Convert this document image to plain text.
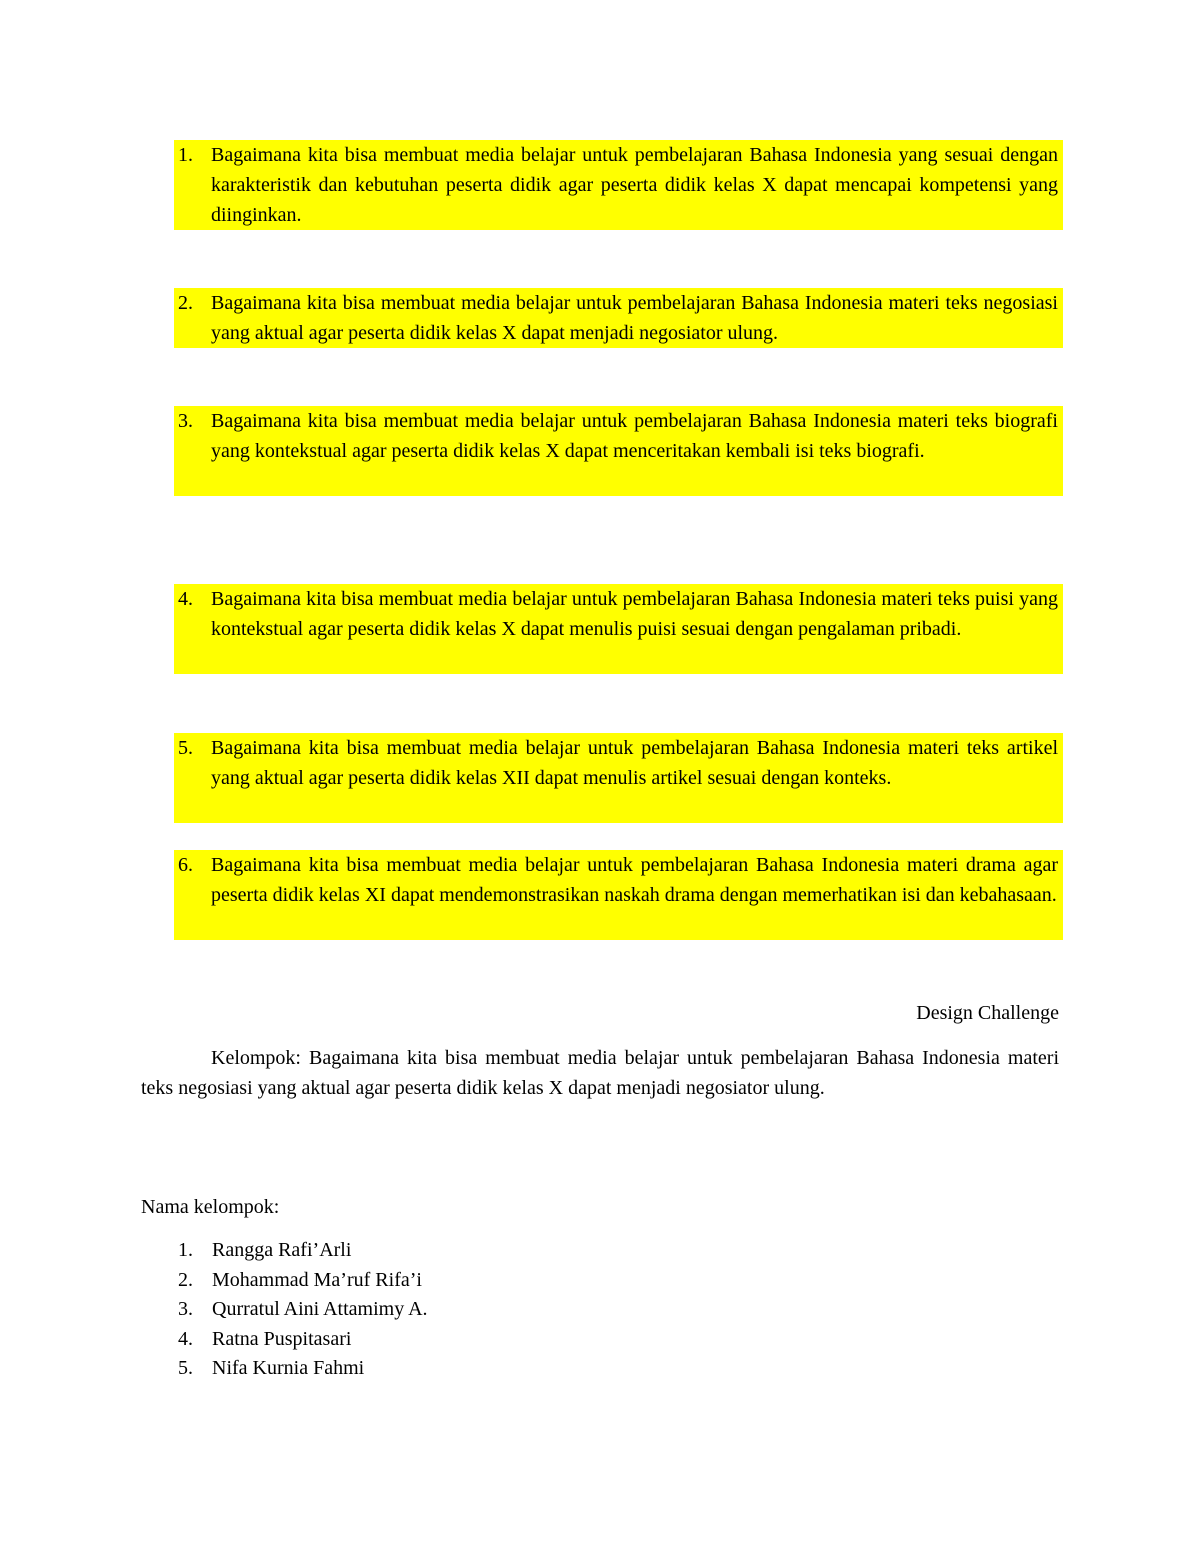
1. Bagaimana kita bisa membuat media belajar untuk pembelajaran Bahasa Indonesia yang sesuai dengan karakteristik dan kebutuhan peserta didik agar peserta didik kelas X dapat mencapai kompetensi yang diinginkan.
2. Bagaimana kita bisa membuat media belajar untuk pembelajaran Bahasa Indonesia materi teks negosiasi yang aktual agar peserta didik kelas X dapat menjadi negosiator ulung.
3. Bagaimana kita bisa membuat media belajar untuk pembelajaran Bahasa Indonesia materi teks biografi yang kontekstual agar peserta didik kelas X dapat menceritakan kembali isi teks biografi.
4. Bagaimana kita bisa membuat media belajar untuk pembelajaran Bahasa Indonesia materi teks puisi yang kontekstual agar peserta didik kelas X dapat menulis puisi sesuai dengan pengalaman pribadi.
5. Bagaimana kita bisa membuat media belajar untuk pembelajaran Bahasa Indonesia materi teks artikel yang aktual agar peserta didik kelas XII dapat menulis artikel sesuai dengan konteks.
6. Bagaimana kita bisa membuat media belajar untuk pembelajaran Bahasa Indonesia materi drama agar peserta didik kelas XI dapat mendemonstrasikan naskah drama dengan memerhatikan isi dan kebahasaan.
Design Challenge
Kelompok: Bagaimana kita bisa membuat media belajar untuk pembelajaran Bahasa Indonesia materi teks negosiasi yang aktual agar peserta didik kelas X dapat menjadi negosiator ulung.
Nama kelompok:
1. Rangga Rafi’Arli
2. Mohammad Ma’ruf Rifa’i
3. Qurratul Aini Attamimy A.
4. Ratna Puspitasari
5. Nifa Kurnia Fahmi
